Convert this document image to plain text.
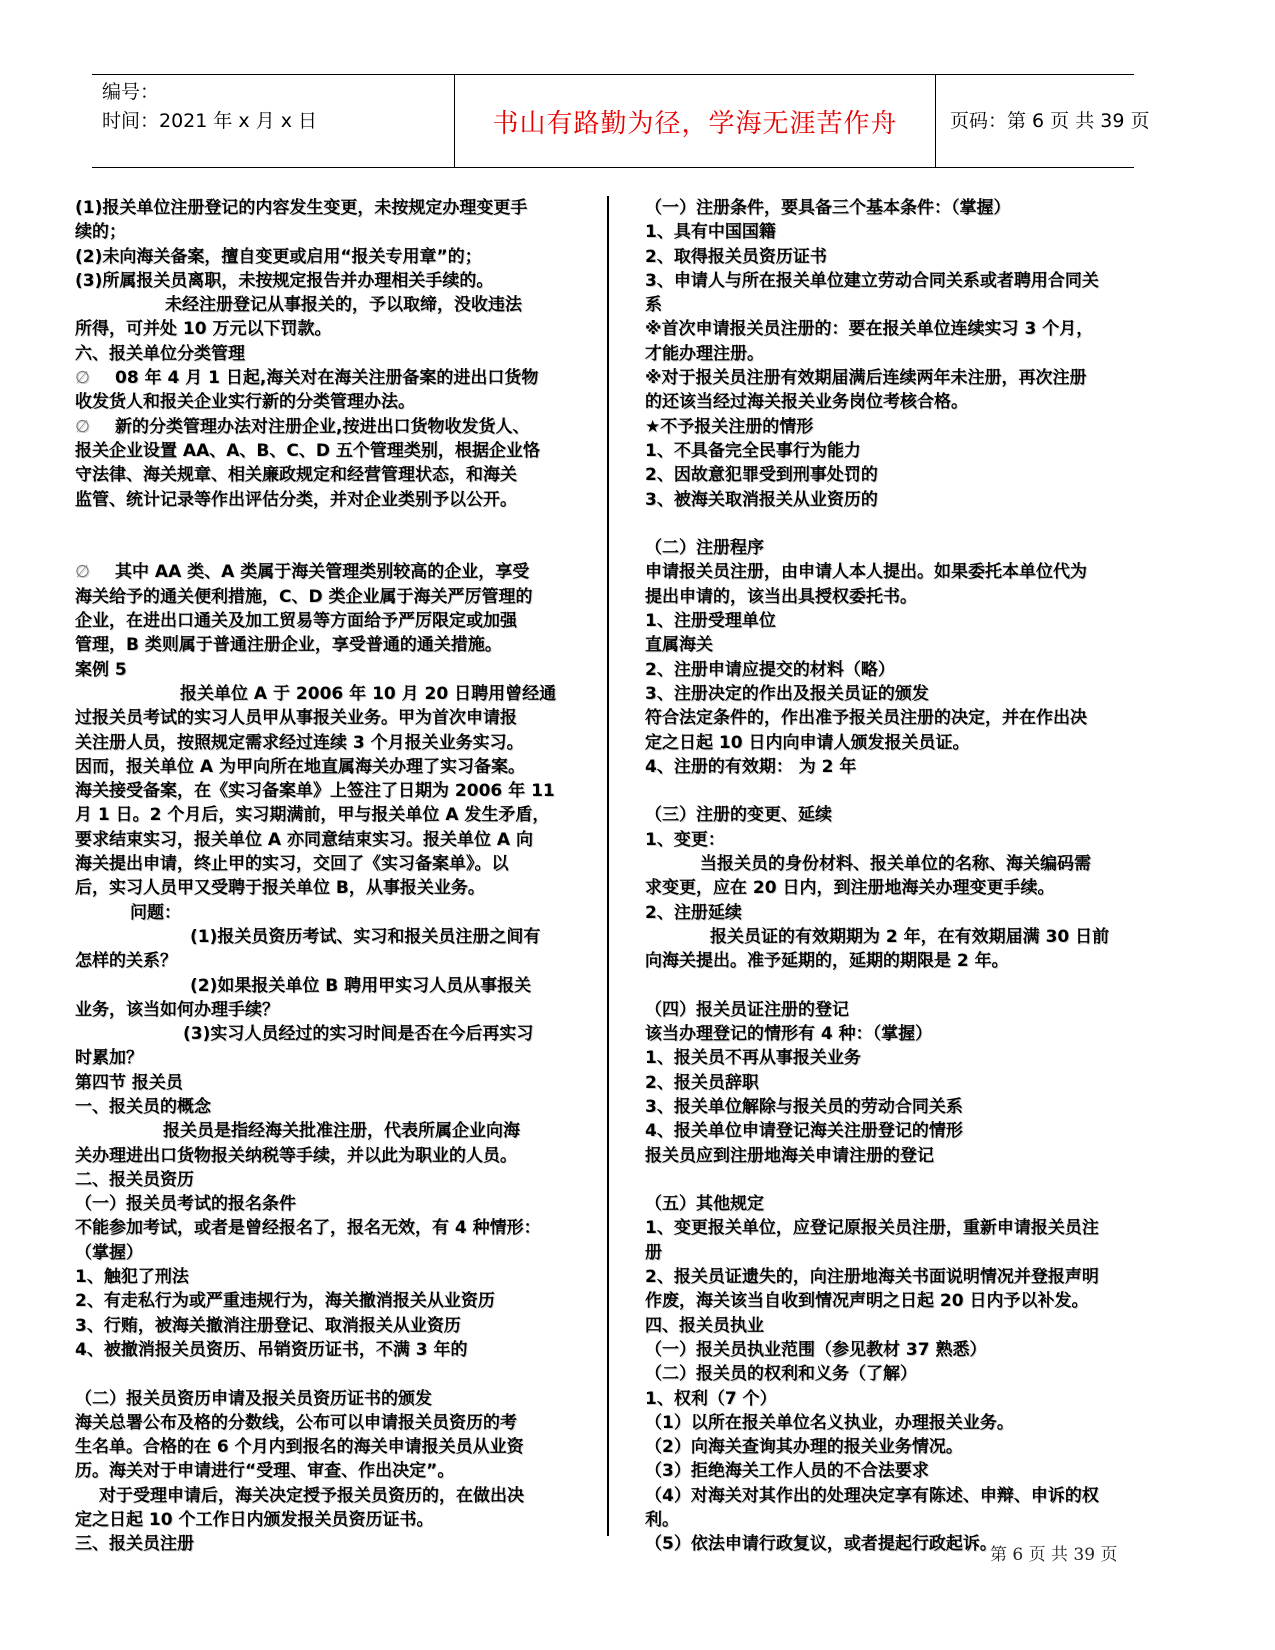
编号：
时间：2021 年 x 月 x 日	书山有路勤为径，学海无涯苦作舟	页码：第 6 页 共 39 页

(1)报关单位注册登记的内容发生变更，未按规定办理变更手

续的；

(2)未向海关备案，擅自变更或启用“报关专用章”的；

(3)所属报关员离职，未按规定报告并办理相关手续的。

未经注册登记从事报关的，予以取缔，没收违法

所得，可并处 10 万元以下罚款。

六、报关单位分类管理

∅ 08 年 4 月 1 日起,海关对在海关注册备案的进出口货物

收发货人和报关企业实行新的分类管理办法。

∅ 新的分类管理办法对注册企业,按进出口货物收发货人、

报关企业设置 AA、A、B、C、D 五个管理类别，根据企业恪

守法律、海关规章、相关廉政规定和经营管理状态，和海关

监管、统计记录等作出评估分类，并对企业类别予以公开。

∅ 其中 AA 类、A 类属于海关管理类别较高的企业，享受

海关给予的通关便利措施，C、D 类企业属于海关严厉管理的

企业，在进出口通关及加工贸易等方面给予严厉限定或加强

管理，B 类则属于普通注册企业，享受普通的通关措施。

案例 5

报关单位 A 于 2006 年 10 月 20 日聘用曾经通

过报关员考试的实习人员甲从事报关业务。甲为首次申请报

关注册人员，按照规定需求经过连续 3 个月报关业务实习。

因而，报关单位 A 为甲向所在地直属海关办理了实习备案。

海关接受备案，在《实习备案单》上签注了日期为 2006 年 11

月 1 日。2 个月后，实习期满前，甲与报关单位 A 发生矛盾，

要求结束实习，报关单位 A 亦同意结束实习。报关单位 A 向

海关提出申请，终止甲的实习，交回了《实习备案单》。以

后，实习人员甲又受聘于报关单位 B，从事报关业务。

问题：

(1)报关员资历考试、实习和报关员注册之间有

怎样的关系？

(2)如果报关单位 B 聘用甲实习人员从事报关

业务，该当如何办理手续？

(3)实习人员经过的实习时间是否在今后再实习

时累加？

第四节 报关员

一、报关员的概念

报关员是指经海关批准注册，代表所属企业向海

关办理进出口货物报关纳税等手续，并以此为职业的人员。

二、报关员资历

（一）报关员考试的报名条件

不能参加考试，或者是曾经报名了，报名无效，有 4 种情形：

（掌握）

1、触犯了刑法

2、有走私行为或严重违规行为，海关撤消报关从业资历

3、行贿，被海关撤消注册登记、取消报关从业资历

4、被撤消报关员资历、吊销资历证书，不满 3 年的

（二）报关员资历申请及报关员资历证书的颁发

海关总署公布及格的分数线，公布可以申请报关员资历的考

生名单。合格的在 6 个月内到报名的海关申请报关员从业资

历。海关对于申请进行“受理、审查、作出决定”。

对于受理申请后，海关决定授予报关员资历的，在做出决

定之日起 10 个工作日内颁发报关员资历证书。

三、报关员注册

（一）注册条件，要具备三个基本条件：（掌握）

1、具有中国国籍

2、取得报关员资历证书

3、申请人与所在报关单位建立劳动合同关系或者聘用合同关

系

※首次申请报关员注册的：要在报关单位连续实习 3 个月，

才能办理注册。

※对于报关员注册有效期届满后连续两年未注册，再次注册

的还该当经过海关报关业务岗位考核合格。

★不予报关注册的情形

1、不具备完全民事行为能力

2、因故意犯罪受到刑事处罚的

3、被海关取消报关从业资历的

（二）注册程序

申请报关员注册，由申请人本人提出。如果委托本单位代为

提出申请的，该当出具授权委托书。

1、注册受理单位

直属海关

2、注册申请应提交的材料（略）

3、注册决定的作出及报关员证的颁发

符合法定条件的，作出准予报关员注册的决定，并在作出决

定之日起 10 日内向申请人颁发报关员证。

4、注册的有效期： 为 2 年

（三）注册的变更、延续

1、变更：

当报关员的身份材料、报关单位的名称、海关编码需

求变更，应在 20 日内，到注册地海关办理变更手续。

2、注册延续

报关员证的有效期期为 2 年，在有效期届满 30 日前

向海关提出。准予延期的，延期的期限是 2 年。

（四）报关员证注册的登记

该当办理登记的情形有 4 种：（掌握）

1、报关员不再从事报关业务

2、报关员辞职

3、报关单位解除与报关员的劳动合同关系

4、报关单位申请登记海关注册登记的情形

报关员应到注册地海关申请注册的登记

（五）其他规定

1、变更报关单位，应登记原报关员注册，重新申请报关员注

册

2、报关员证遗失的，向注册地海关书面说明情况并登报声明

作废，海关该当自收到情况声明之日起 20 日内予以补发。

四、报关员执业

（一）报关员执业范围（参见教材 37 熟悉）

（二）报关员的权利和义务（了解）

1、权利（7 个）

（1）以所在报关单位名义执业，办理报关业务。

（2）向海关查询其办理的报关业务情况。

（3）拒绝海关工作人员的不合法要求

（4）对海关对其作出的处理决定享有陈述、申辩、申诉的权

利。

（5）依法申请行政复议，或者提起行政起诉。

第 6 页 共 39 页
